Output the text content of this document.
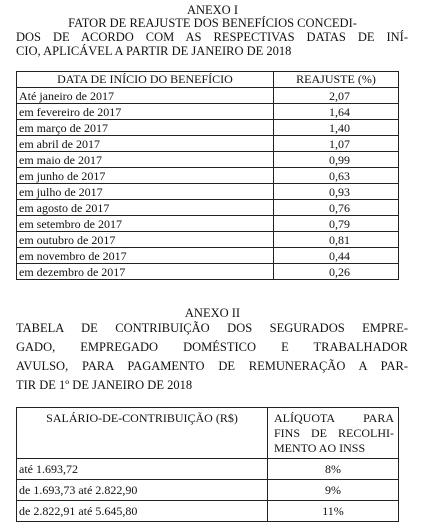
ANEXO I
FATOR DE REAJUSTE DOS BENEFÍCIOS CONCEDI-
DOS DE ACORDO COM AS RESPECTIVAS DATAS DE INÍ-
CIO, APLICÁVEL A PARTIR DE JANEIRO DE 2018
DATA DE INÍCIO DO BENEFÍCIO	REAJUSTE (%)
Até janeiro de 2017	2,07
em fevereiro de 2017	1,64
em março de 2017	1,40
em abril de 2017	1,07
em maio de 2017	0,99
em junho de 2017	0,63
em julho de 2017	0,93
em agosto de 2017	0,76
em setembro de 2017	0,79
em outubro de 2017	0,81
em novembro de 2017	0,44
em dezembro de 2017	0,26
ANEXO II
TABELA DE CONTRIBUIÇÃO DOS SEGURADOS EMPRE-
GADO, EMPREGADO DOMÉSTICO E TRABALHADOR
AVULSO, PARA PAGAMENTO DE REMUNERAÇÃO A PAR-
TIR DE 1º DE JANEIRO DE 2018
SALÁRIO-DE-CONTRIBUIÇÃO (R$)	ALÍQUOTA PARA
FINS DE RECOLHI-
MENTO AO INSS

até 1.693,72	8%
de 1.693,73 até 2.822,90	9%
de 2.822,91 até 5.645,80	11%
